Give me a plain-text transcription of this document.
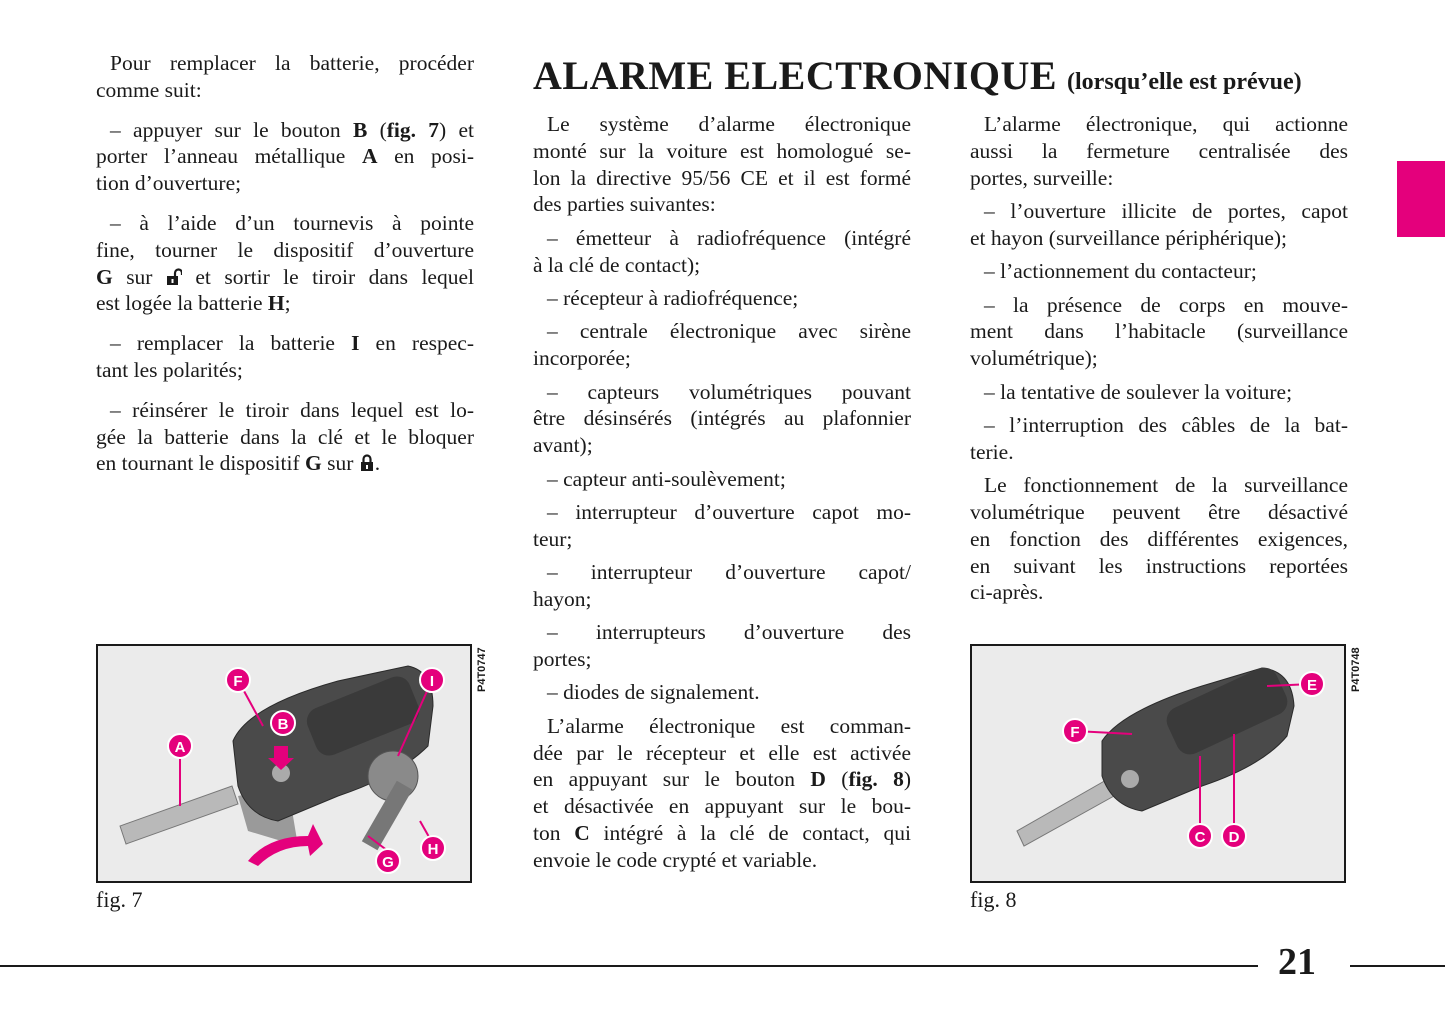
ALARME ELECTRONIQUE (lorsqu’elle est prévue)
Pour remplacer la batterie, procéder
comme suit:
– appuyer sur le bouton B (fig. 7) et
porter l’anneau métallique A en posi-
tion d’ouverture;
– à l’aide d’un tournevis à pointe
fine, tourner le dispositif d’ouverture
G sur  et sortir le tiroir dans lequel
est logée la batterie H;
– remplacer la batterie I en respec-
tant les polarités;
– réinsérer le tiroir dans lequel est lo-
gée la batterie dans la clé et le bloquer
en tournant le dispositif G sur .
Le système d’alarme électronique
monté sur la voiture est homologué se-
lon la directive 95/56 CE et il est formé
des parties suivantes:
– émetteur à radiofréquence (intégré
à la clé de contact);
– récepteur à radiofréquence;
– centrale électronique avec sirène
incorporée;
– capteurs volumétriques pouvant
être désinsérés (intégrés au plafonnier
avant);
– capteur anti-soulèvement;
– interrupteur d’ouverture capot mo-
teur;
– interrupteur d’ouverture capot/
hayon;
– interrupteurs d’ouverture des
portes;
– diodes de signalement.
L’alarme électronique est comman-
dée par le récepteur et elle est activée
en appuyant sur le bouton D (fig. 8)
et désactivée en appuyant sur le bou-
ton C intégré à la clé de contact, qui
envoie le code crypté et variable.
L’alarme électronique, qui actionne
aussi la fermeture centralisée des
portes, surveille:
– l’ouverture illicite de portes, capot
et hayon (surveillance périphérique);
– l’actionnement du contacteur;
– la présence de corps en mouve-
ment dans l’habitacle (surveillance
volumétrique);
– la tentative de soulever la voiture;
– l’interruption des câbles de la bat-
terie.
Le fonctionnement de la surveillance
volumétrique peuvent être désactivé
en fonction des différentes exigences,
en suivant les instructions reportées
ci-après.
A
F
B
I
G
H
P4T0747
fig. 7
F
E
C D
P4T0748
fig. 8
21
